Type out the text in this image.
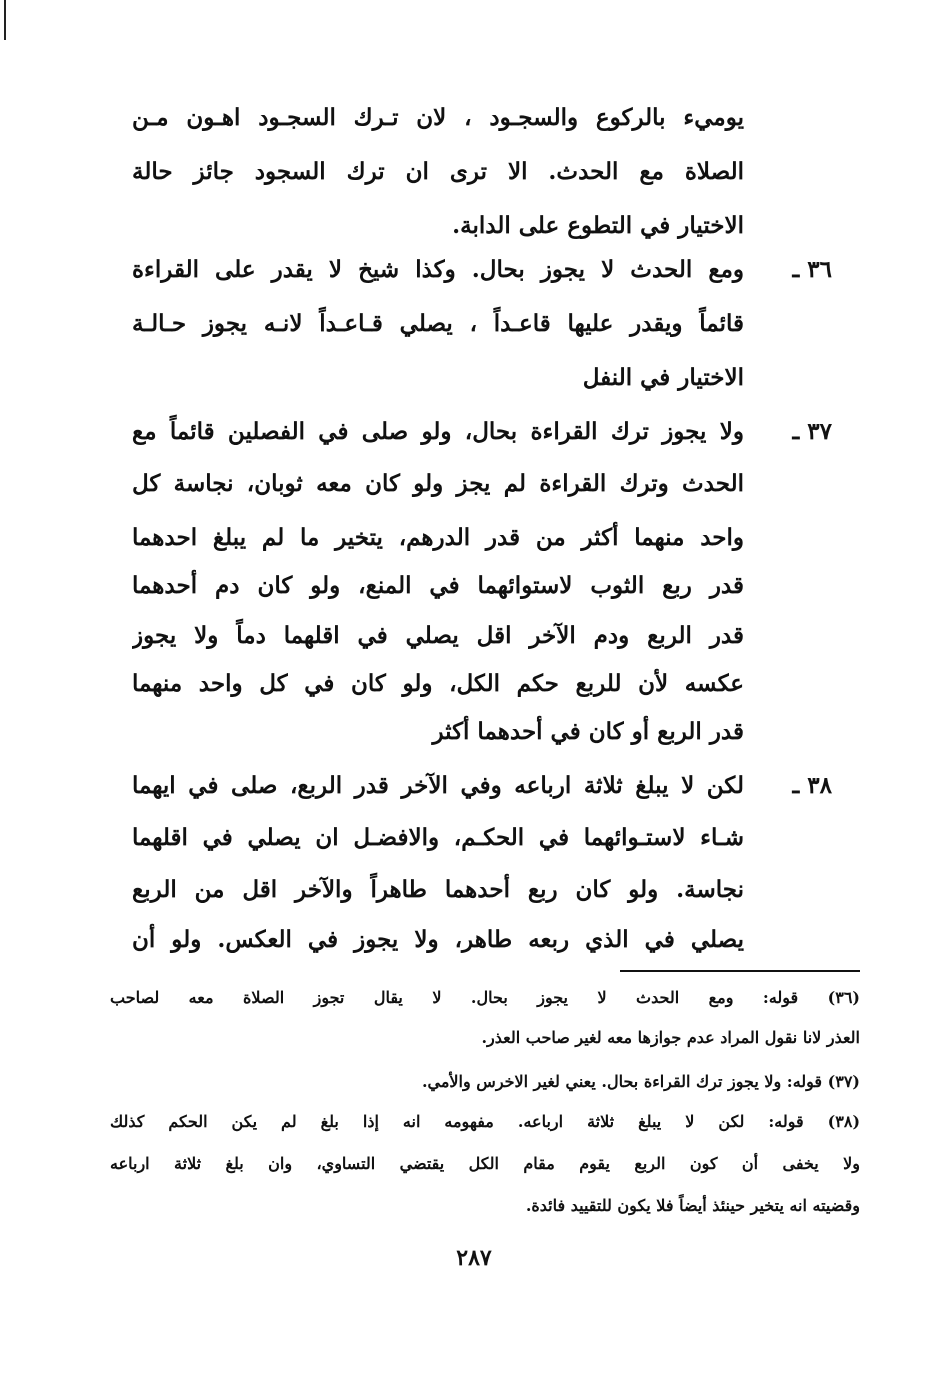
يوميء بالركوع والسجـود ، لان تـرك السجـود اهـون مـن
الصلاة مع الحدث. الا ترى ان ترك السجود جائز حالة
الاختيار في التطوع على الدابة.
٣٦ ـ
ومع الحدث لا يجوز بحال. وكذا شيخ لا يقدر على القراءة
قائماً ويقدر عليها قاعـداً ، يصلي قـاعـداً لانـه يجوز حـالـة
الاختيار في النفل
٣٧ ـ
ولا يجوز ترك القراءة بحال، ولو صلى في الفصلين قائماً مع
الحدث وترك القراءة لم يجز ولو كان معه ثوبان، نجاسة كل
واحد منهما أكثر من قدر الدرهم، يتخير ما لم يبلغ احدهما
قدر ربع الثوب لاستوائهما في المنع، ولو كان دم أحدهما
قدر الربع ودم الآخر اقل يصلي في اقلهما دماً ولا يجوز
عكسه لأن للربع حكم الكل، ولو كان في كل واحد منهما
قدر الربع أو كان في أحدهما أكثر
٣٨ ـ
لكن لا يبلغ ثلاثة ارباعه وفي الآخر قدر الربع، صلى في ايهما
شـاء لاستـوائهما في الحكـم، والافضـل ان يصلي في اقلهما
نجاسة. ولو كان ربع أحدهما طاهراً والآخر اقل من الربع
يصلي في الذي ربعه طاهر، ولا يجوز في العكس. ولو أن
(٣٦) قوله: ومع الحدث لا يجوز بحال. لا يقال تجوز الصلاة معه لصاحب
العذر لانا نقول المراد عدم جوازها معه لغير صاحب العذر.
(٣٧) قوله: ولا يجوز ترك القراءة بحال. يعني لغير الاخرس والأمي.
(٣٨) قوله: لكن لا يبلغ ثلاثة ارباعه. مفهومه انه إذا بلغ لم يكن الحكم كذلك
ولا يخفى أن كون الربع يقوم مقام الكل يقتضي التساوي، وان بلغ ثلاثة ارباعه
وقضيته انه يتخير حينئذ أيضاً فلا يكون للتقييد فائدة.
٢٨٧
